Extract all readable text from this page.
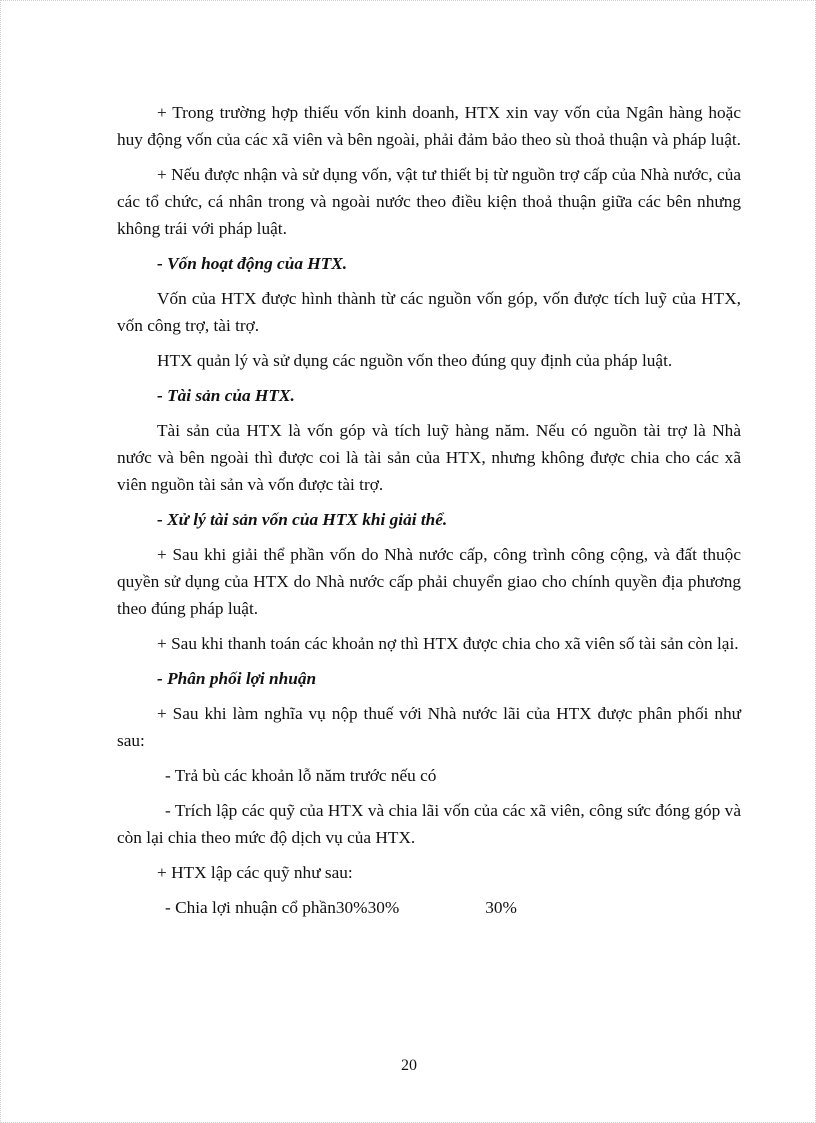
+ Trong trường hợp thiếu vốn kinh doanh, HTX xin vay vốn của Ngân hàng hoặc huy động vốn của các xã viên và bên ngoài, phải đảm bảo theo sù thoả thuận và pháp luật.

+ Nếu được nhận và sử dụng vốn, vật tư thiết bị từ nguồn trợ cấp của Nhà nước, của các tổ chức, cá nhân trong và ngoài nước theo điều kiện thoả thuận giữa các bên nhưng không trái với pháp luật.

- Vốn hoạt động của HTX.

Vốn của HTX được hình thành từ các nguồn vốn góp, vốn được tích luỹ của HTX, vốn công trợ, tài trợ.

HTX quản lý và sử dụng các nguồn vốn theo đúng quy định của pháp luật.

- Tài sản của HTX.

Tài sản của HTX là vốn góp và tích luỹ hàng năm. Nếu có nguồn tài trợ là Nhà nước và bên ngoài thì được coi là tài sản của HTX, nhưng không được chia cho các xã viên nguồn tài sản và vốn được tài trợ.

- Xử lý tài sản vốn của HTX khi giải thể.

+ Sau khi giải thể phần vốn do Nhà nước cấp, công trình công cộng, và đất thuộc quyền sử dụng của HTX do Nhà nước cấp phải chuyển giao cho chính quyền địa phương theo đúng pháp luật.

+ Sau khi thanh toán các khoản nợ thì HTX được chia cho xã viên số tài sản còn lại.

- Phân phối lợi nhuận

+ Sau khi làm nghĩa vụ nộp thuế với Nhà nước lãi của HTX được phân phối như sau:

- Trả bù các khoản lỗ năm trước nếu có

- Trích lập các quỹ của HTX và chia lãi vốn của các xã viên, công sức đóng góp và còn lại chia theo mức độ dịch vụ của HTX.

+ HTX lập các quỹ như sau:

- Chia lợi nhuận cổ phần30%30%	30%

20
